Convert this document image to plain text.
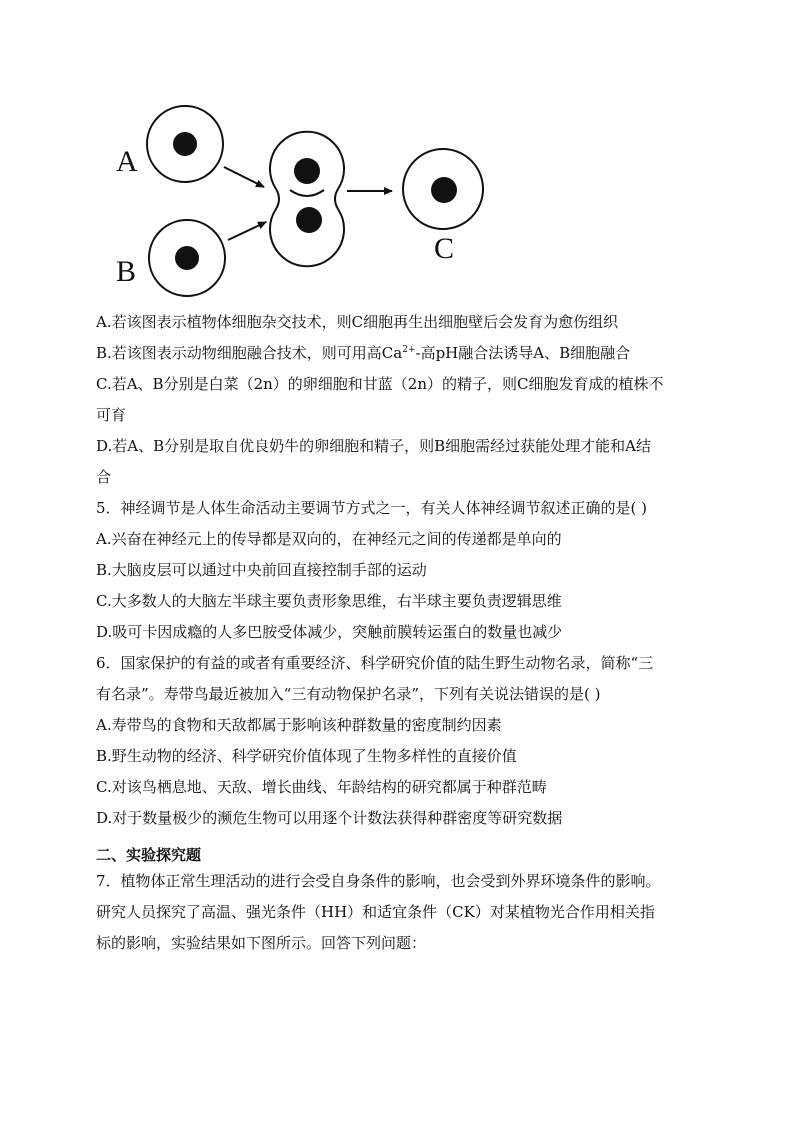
A
B
C
A.若该图表示植物体细胞杂交技术，则C细胞再生出细胞壁后会发育为愈伤组织
B.若该图表示动物细胞融合技术，则可用高$Ca^{2+}-$高pH融合法诱导A、B细胞融合
C.若A、B分别是白菜（2n）的卵细胞和甘蓝（2n）的精子，则C细胞发育成的植株不
可育
D.若A、B分别是取自优良奶牛的卵细胞和精子，则B细胞需经过获能处理才能和A结
合
5．神经调节是人体生命活动主要调节方式之一，有关人体神经调节叙述正确的是( )
A.兴奋在神经元上的传导都是双向的，在神经元之间的传递都是单向的
B.大脑皮层可以通过中央前回直接控制手部的运动
C.大多数人的大脑左半球主要负责形象思维，右半球主要负责逻辑思维
D.吸可卡因成瘾的人多巴胺受体减少，突触前膜转运蛋白的数量也减少
6．国家保护的有益的或者有重要经济、科学研究价值的陆生野生动物名录，简称“三
有名录”。寿带鸟最近被加入“三有动物保护名录”，下列有关说法错误的是( )
A.寿带鸟的食物和天敌都属于影响该种群数量的密度制约因素
B.野生动物的经济、科学研究价值体现了生物多样性的直接价值
C.对该鸟栖息地、天敌、增长曲线、年龄结构的研究都属于种群范畴
D.对于数量极少的濒危生物可以用逐个计数法获得种群密度等研究数据
二、实验探究题
7．植物体正常生理活动的进行会受自身条件的影响，也会受到外界环境条件的影响。
研究人员探究了高温、强光条件（HH）和适宜条件（CK）对某植物光合作用相关指
标的影响，实验结果如下图所示。回答下列问题：
